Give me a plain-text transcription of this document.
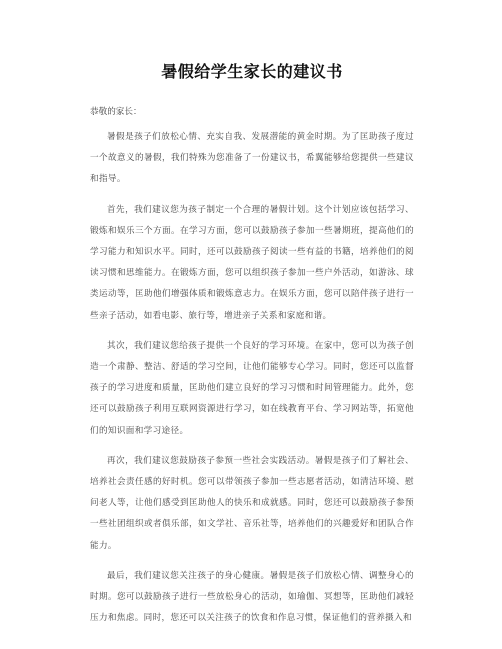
暑假给学生家长的建议书

恭敬的家长：

暑假是孩子们放松心情、充实自我、发展潜能的黄金时期。为了匡助孩子度过一个故意义的暑假，我们特殊为您准备了一份建议书，希翼能够给您提供一些建议和指导。

首先，我们建议您为孩子制定一个合理的暑假计划。这个计划应该包括学习、锻炼和娱乐三个方面。在学习方面，您可以鼓励孩子参加一些暑期班，提高他们的学习能力和知识水平。同时，还可以鼓励孩子阅读一些有益的书籍，培养他们的阅读习惯和思维能力。在锻炼方面，您可以组织孩子参加一些户外活动，如游泳、球类运动等，匡助他们增强体质和锻炼意志力。在娱乐方面，您可以陪伴孩子进行一些亲子活动，如看电影、旅行等，增进亲子关系和家庭和谐。

其次，我们建议您给孩子提供一个良好的学习环境。在家中，您可以为孩子创造一个肃静、整洁、舒适的学习空间，让他们能够专心学习。同时，您还可以监督孩子的学习进度和质量，匡助他们建立良好的学习习惯和时间管理能力。此外，您还可以鼓励孩子利用互联网资源进行学习，如在线教育平台、学习网站等，拓宽他们的知识面和学习途径。

再次，我们建议您鼓励孩子参预一些社会实践活动。暑假是孩子们了解社会、培养社会责任感的好时机。您可以带领孩子参加一些志愿者活动，如清洁环境、慰问老人等，让他们感受到匡助他人的快乐和成就感。同时，您还可以鼓励孩子参预一些社团组织或者俱乐部，如文学社、音乐社等，培养他们的兴趣爱好和团队合作能力。

最后，我们建议您关注孩子的身心健康。暑假是孩子们放松心情、调整身心的时期。您可以鼓励孩子进行一些放松身心的活动，如瑜伽、冥想等，匡助他们减轻压力和焦虑。同时，您还可以关注孩子的饮食和作息习惯，保证他们的营养摄入和
